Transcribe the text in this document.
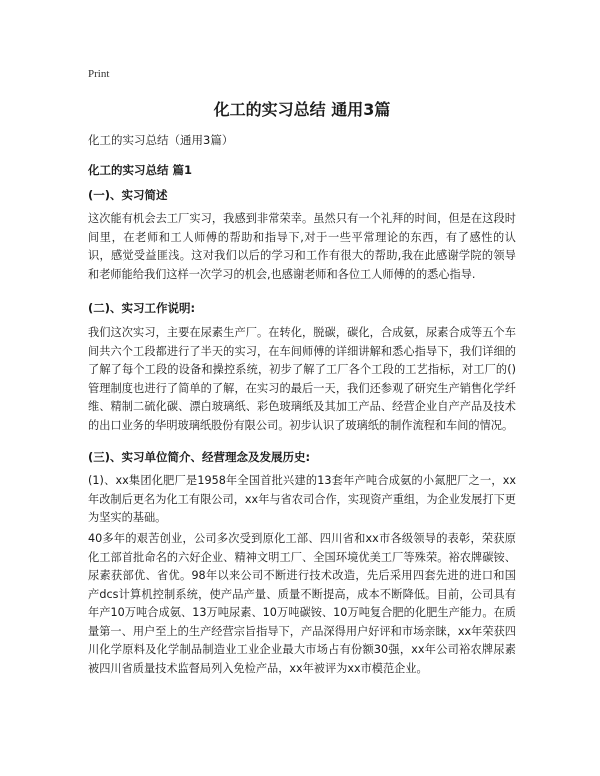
Print
化工的实习总结 通用3篇
化工的实习总结（通用3篇）
化工的实习总结 篇1
(一)、实习简述

这次能有机会去工厂实习，我感到非常荣幸。虽然只有一个礼拜的时间，但是在这段时间里，在老师和工人师傅的帮助和指导下,对于一些平常理论的东西，有了感性的认识，感觉受益匪浅。这对我们以后的学习和工作有很大的帮助,我在此感谢学院的领导和老师能给我们这样一次学习的机会,也感谢老师和各位工人师傅的的悉心指导.

(二)、实习工作说明:

我们这次实习，主要在尿素生产厂。在转化，脱碳，碳化，合成氨，尿素合成等五个车间共六个工段都进行了半天的实习，在车间师傅的详细讲解和悉心指导下，我们详细的了解了每个工段的设备和操控系统，初步了解了工厂各个工段的工艺指标，对工厂的()管理制度也进行了简单的了解，在实习的最后一天，我们还参观了研究生产销售化学纤维、精制二硫化碳、漂白玻璃纸、彩色玻璃纸及其加工产品、经营企业自产产品及技术的出口业务的华明玻璃纸股份有限公司。初步认识了玻璃纸的制作流程和车间的情况。

(三)、实习单位简介、经营理念及发展历史:

(1)、xx集团化肥厂是1958年全国首批兴建的13套年产吨合成氨的小氮肥厂之一，xx年改制后更名为化工有限公司，xx年与省农司合作，实现资产重组，为企业发展打下更为坚实的基础。

40多年的艰苦创业，公司多次受到原化工部、四川省和xx市各级领导的表彰，荣获原化工部首批命名的六好企业、精神文明工厂、全国环境优美工厂等殊荣。裕农牌碳铵、尿素获部优、省优。98年以来公司不断进行技术改造，先后采用四套先进的进口和国产dcs计算机控制系统，使产品产量、质量不断提高，成本不断降低。目前，公司具有年产10万吨合成氨、13万吨尿素、10万吨碳铵、10万吨复合肥的化肥生产能力。在质量第一、用户至上的生产经营宗旨指导下，产品深得用户好评和市场亲睐，xx年荣获四川化学原料及化学制品制造业工业企业最大市场占有份额30强，xx年公司裕农牌尿素被四川省质量技术监督局列入免检产品，xx年被评为xx市模范企业。
